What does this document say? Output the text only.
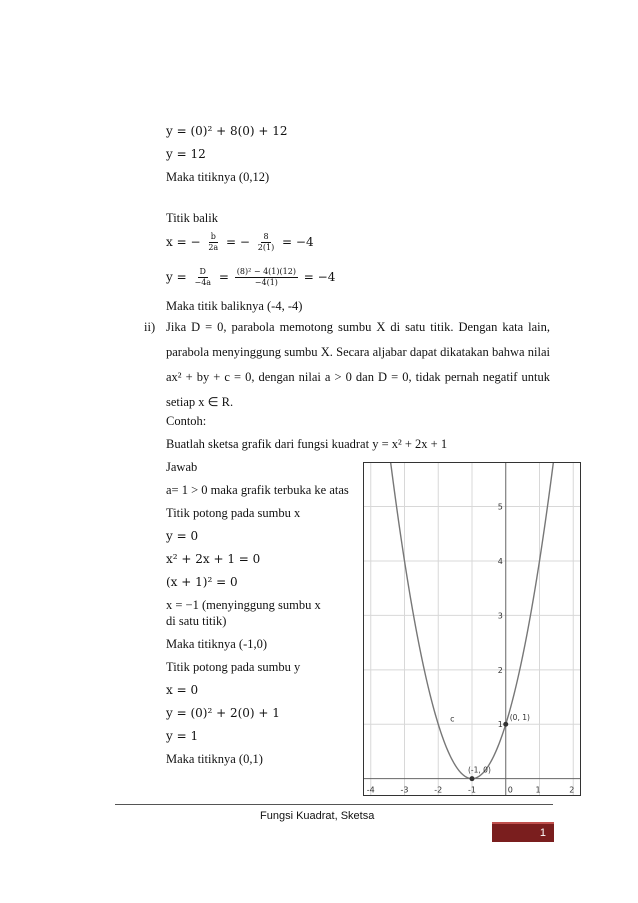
y = (0)² + 8(0) + 12
y = 12
Maka titiknya (0,12)
Titik balik
x = − $\frac{b}{2a}$ = − $\frac{8}{2(1)} = -4$
$y = \frac{D}{-4a} = \frac{\text{(8)² − 4(1)(12)}}{-4(1)} = -4$
Maka titik baliknya (-4, -4)
ii) Jika D = 0, parabola memotong sumbu X di satu titik. Dengan kata lain, parabola menyinggung sumbu X. Secara aljabar dapat dikatakan bahwa nilai ax² + by + c = 0, dengan nilai a > 0 dan D = 0, tidak pernah negatif untuk setiap x ∈ R.
Contoh:
Buatlah sketsa grafik dari fungsi kuadrat y = x² + 2x + 1
Jawab
a= 1 > 0 maka grafik terbuka ke atas
Titik potong pada sumbu x
y = 0
x² + 2x + 1 = 0
(x + 1)² = 0
x = −1 (menyinggung sumbu x
di satu titik)
Maka titiknya (-1,0)
Titik potong pada sumbu y
x = 0
y = (0)² + 2(0) + 1
y = 1
Maka titiknya (0,1)
-4	-3	-2	-1	0	1	2
1
2
3
4
5
c
(-1, 0)
(0, 1)
Fungsi Kuadrat, Sketsa
1
